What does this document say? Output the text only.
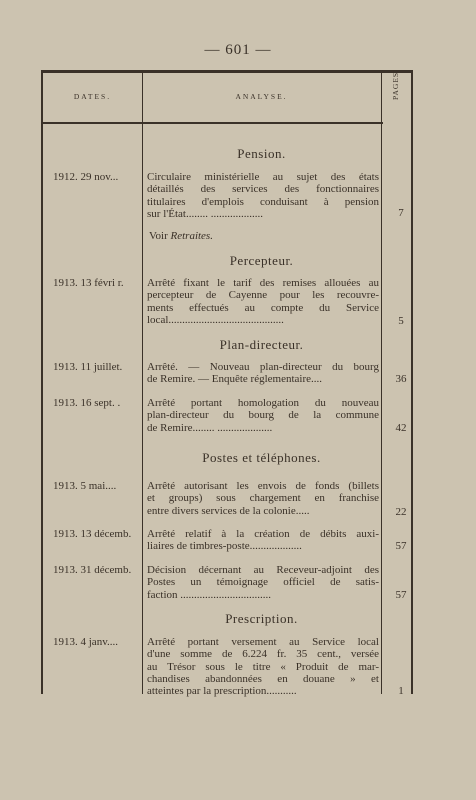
— 601 —
DATES.	ANALYSE.	PAGES.
Pension.
1912. 29 nov...	Circulaire ministérielle au sujet des états
détaillés des services des fonctionnaires
titulaires d'emplois conduisant à pension
sur l'État........ ...................	7
Voir Retraites.
Percepteur.
1913. 13 févri r.	Arrêté fixant le tarif des remises allouées au
percepteur de Cayenne pour les recouvre-
ments effectués au compte du Service
local..........................................	5
Plan-directeur.
1913. 11 juillet.	Arrêté. — Nouveau plan-directeur du bourg
de Remire. — Enquête réglementaire....	36
1913. 16 sept. .	Arrêté portant homologation du nouveau
plan-directeur du bourg de la commune
de Remire........ ....................	42
Postes et téléphones.
1913. 5 mai....	Arrêté autorisant les envois de fonds (billets
et groups) sous chargement en franchise
entre divers services de la colonie.....	22
1913. 13 décemb.	Arrêté relatif à la création de débits auxi-
liaires de timbres-poste...................	57
1913. 31 décemb.	Décision décernant au Receveur-adjoint des
Postes un témoignage officiel de satis-
faction .................................	57
Prescription.
1913. 4 janv....	Arrêté portant versement au Service local
d'une somme de 6.224 fr. 35 cent., versée
au Trésor sous le titre « Produit de mar-
chandises abandonnées en douane » et
atteintes par la prescription...........	1
